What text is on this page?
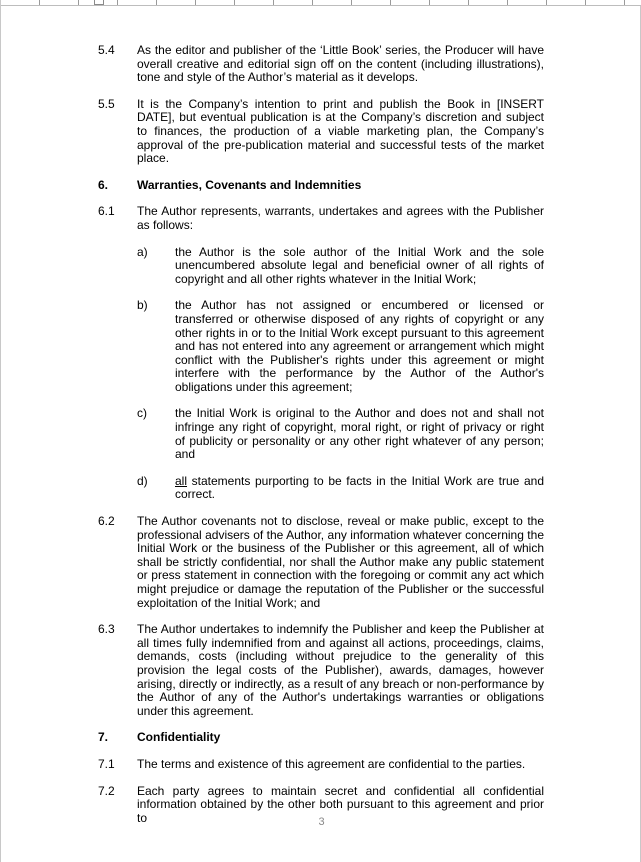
5.4	As the editor and publisher of the ‘Little Book’ series, the Producer will have overall creative and editorial sign off on the content (including illustrations), tone and style of the Author’s material as it develops.
5.5	It is the Company’s intention to print and publish the Book in [INSERT DATE], but eventual publication is at the Company’s discretion and subject to finances, the production of a viable marketing plan, the Company’s approval of the pre-publication material and successful tests of the market place.
6.	Warranties, Covenants and Indemnities
6.1	The Author represents, warrants, undertakes and agrees with the Publisher as follows:
a)	the Author is the sole author of the Initial Work and the sole unencumbered absolute legal and beneficial owner of all rights of copyright and all other rights whatever in the Initial Work;
b)	the Author has not assigned or encumbered or licensed or transferred or otherwise disposed of any rights of copyright or any other rights in or to the Initial Work except pursuant to this agreement and has not entered into any agreement or arrangement which might conflict with the Publisher's rights under this agreement or might interfere with the performance by the Author of the Author's obligations under this agreement;
c)	the Initial Work is original to the Author and does not and shall not infringe any right of copyright, moral right, or right of privacy or right of publicity or personality or any other right whatever of any person; and
d)	all statements purporting to be facts in the Initial Work are true and correct.
6.2	The Author covenants not to disclose, reveal or make public, except to the professional advisers of the Author, any information whatever concerning the Initial Work or the business of the Publisher or this agreement, all of which shall be strictly confidential, nor shall the Author make any public statement or press statement in connection with the foregoing or commit any act which might prejudice or damage the reputation of the Publisher or the successful exploitation of the Initial Work; and
6.3	The Author undertakes to indemnify the Publisher and keep the Publisher at all times fully indemnified from and against all actions, proceedings, claims, demands, costs (including without prejudice to the generality of this provision the legal costs of the Publisher), awards, damages, however arising, directly or indirectly, as a result of any breach or non-performance by the Author of any of the Author's undertakings warranties or obligations under this agreement.
7.	Confidentiality
7.1	The terms and existence of this agreement are confidential to the parties.
7.2	Each party agrees to maintain secret and confidential all confidential information obtained by the other both pursuant to this agreement and prior to	3
